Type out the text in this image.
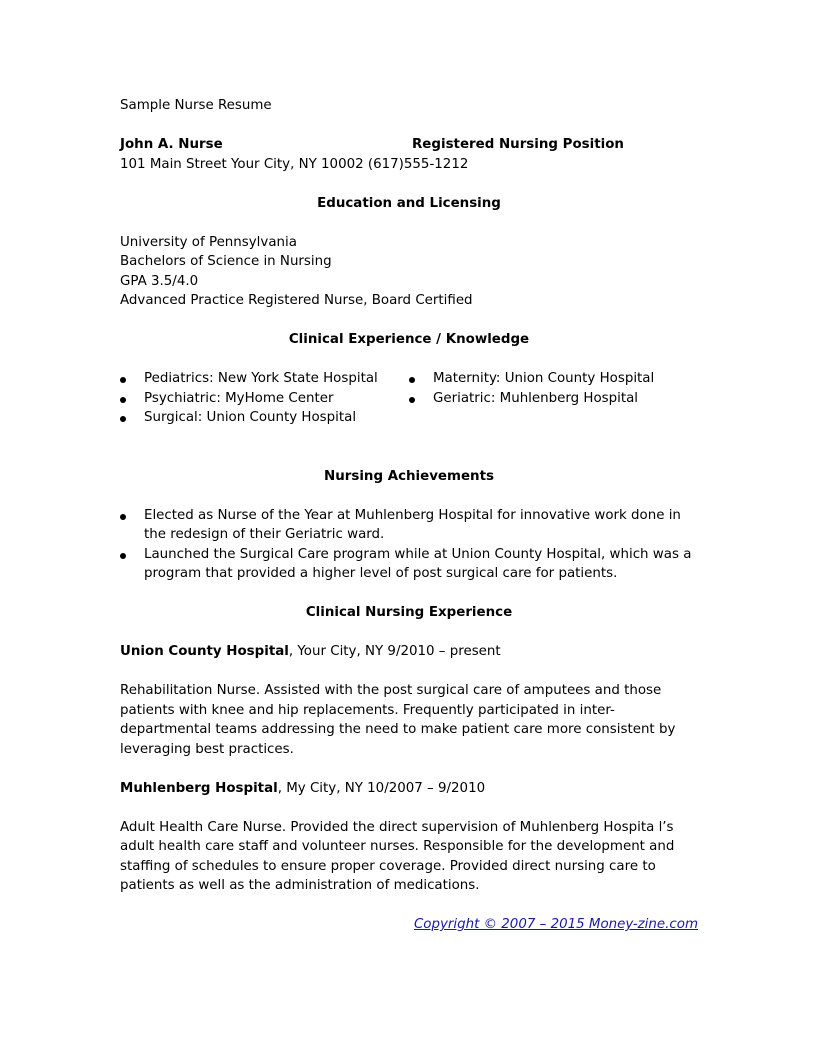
Sample Nurse Resume
John A. Nurse	Registered Nursing Position
101 Main Street Your City, NY 10002 (617)555-1212
Education and Licensing
University of Pennsylvania
Bachelors of Science in Nursing
GPA 3.5/4.0
Advanced Practice Registered Nurse, Board Certified
Clinical Experience / Knowledge
Pediatrics: New York State Hospital
Psychiatric: MyHome Center
Surgical: Union County Hospital
Maternity: Union County Hospital
Geriatric: Muhlenberg Hospital
Nursing Achievements
Elected as Nurse of the Year at Muhlenberg Hospital for innovative work done in the redesign of their Geriatric ward.
Launched the Surgical Care program while at Union County Hospital, which was a program that provided a higher level of post surgical care for patients.
Clinical Nursing Experience
Union County Hospital, Your City, NY 9/2010 – present
Rehabilitation Nurse. Assisted with the post surgical care of amputees and those patients with knee and hip replacements. Frequently participated in inter-departmental teams addressing the need to make patient care more consistent by leveraging best practices.
Muhlenberg Hospital, My City, NY 10/2007 – 9/2010
Adult Health Care Nurse. Provided the direct supervision of Muhlenberg Hospita l’s adult health care staff and volunteer nurses. Responsible for the development and staffing of schedules to ensure proper coverage. Provided direct nursing care to patients as well as the administration of medications.
Copyright © 2007 – 2015 Money-zine.com
